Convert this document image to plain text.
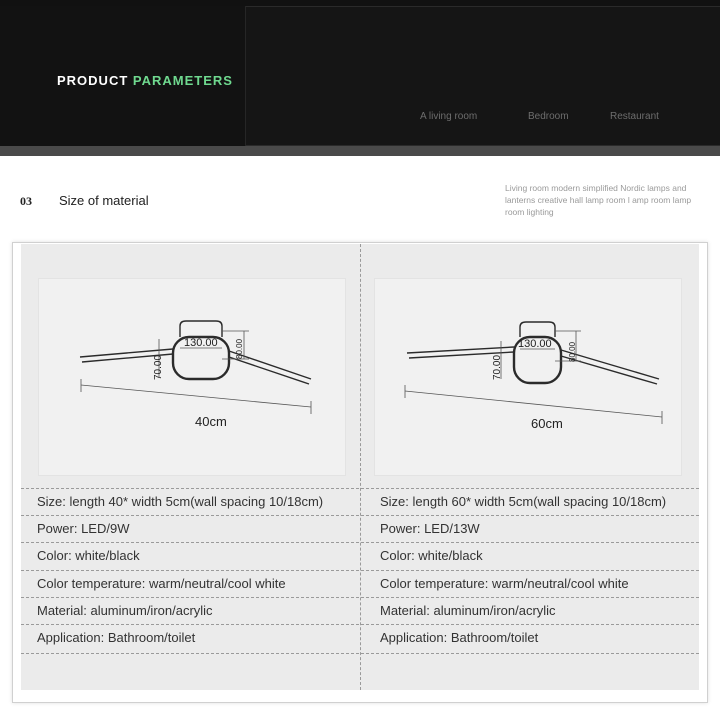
PRODUCT PARAMETERS
A living room	Bedroom	Restaurant
03 Size of material
Living room modern simplified Nordic lamps and lanterns creative hall lamp room l amp room lamp room lighting
130.00 80.00
70.00
40cm
130.00 80.00
70.00
60cm
Size: length 40* width 5cm(wall spacing 10/18cm)
Power: LED/9W
Color: white/black
Color temperature: warm/neutral/cool white
Material: aluminum/iron/acrylic
Application: Bathroom/toilet
Size: length 60* width 5cm(wall spacing 10/18cm)
Power: LED/13W
Color: white/black
Color temperature: warm/neutral/cool white
Material: aluminum/iron/acrylic
Application: Bathroom/toilet
